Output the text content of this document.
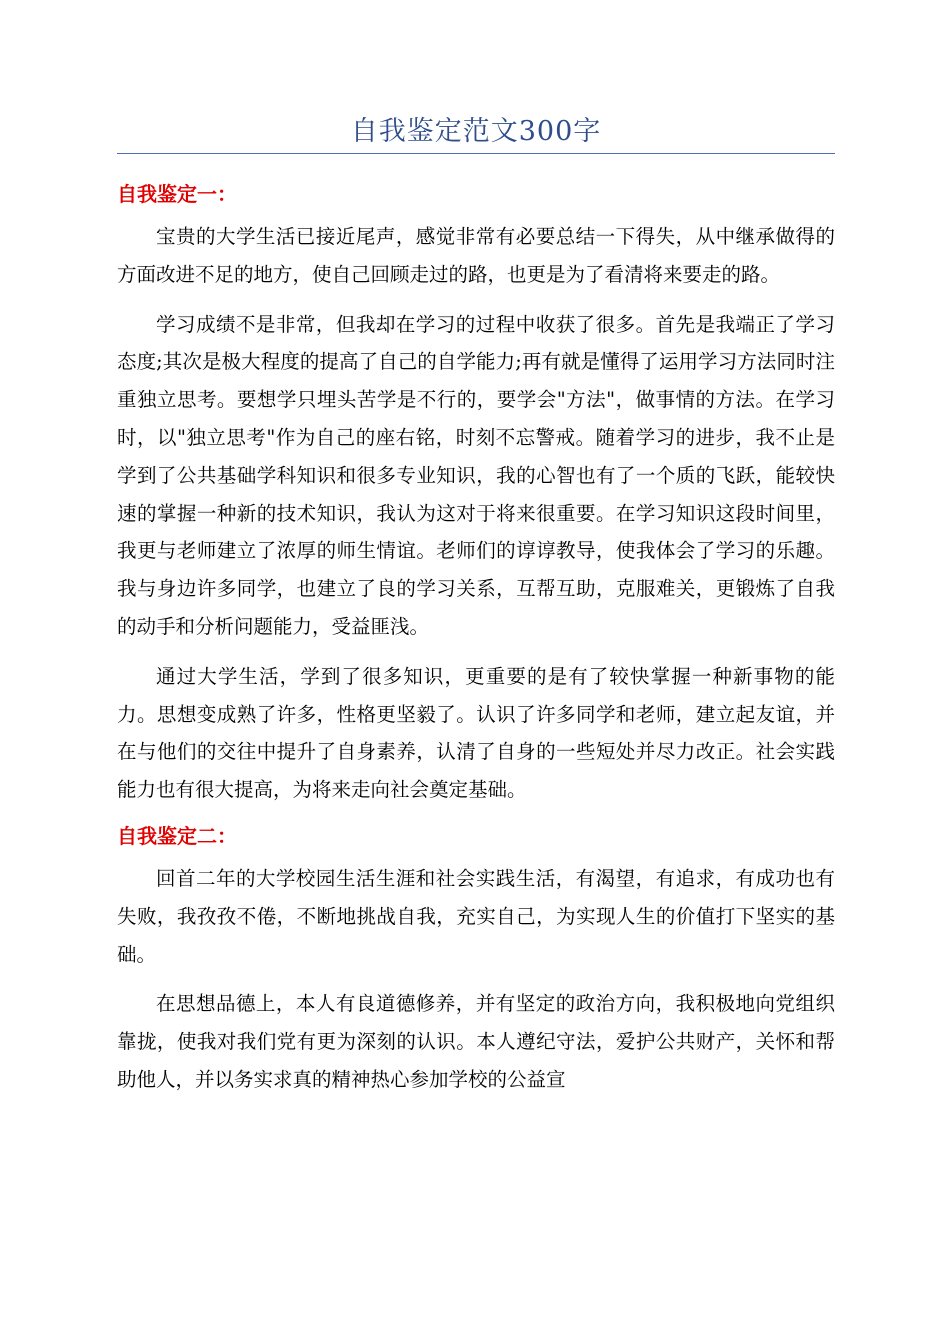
自我鉴定范文300字
自我鉴定一：

宝贵的大学生活已接近尾声，感觉非常有必要总结一下得失，从中继承做得的方面改进不足的地方，使自己回顾走过的路，也更是为了看清将来要走的路。

学习成绩不是非常，但我却在学习的过程中收获了很多。首先是我端正了学习态度;其次是极大程度的提高了自己的自学能力;再有就是懂得了运用学习方法同时注重独立思考。要想学只埋头苦学是不行的，要学会"方法"，做事情的方法。在学习时，以"独立思考"作为自己的座右铭，时刻不忘警戒。随着学习的进步，我不止是学到了公共基础学科知识和很多专业知识，我的心智也有了一个质的飞跃，能较快速的掌握一种新的技术知识，我认为这对于将来很重要。在学习知识这段时间里，我更与老师建立了浓厚的师生情谊。老师们的谆谆教导，使我体会了学习的乐趣。我与身边许多同学，也建立了良的学习关系，互帮互助，克服难关，更锻炼了自我的动手和分析问题能力，受益匪浅。

通过大学生活，学到了很多知识，更重要的是有了较快掌握一种新事物的能力。思想变成熟了许多，性格更坚毅了。认识了许多同学和老师，建立起友谊，并在与他们的交往中提升了自身素养，认清了自身的一些短处并尽力改正。社会实践能力也有很大提高，为将来走向社会奠定基础。

自我鉴定二：

回首二年的大学校园生活生涯和社会实践生活，有渴望，有追求，有成功也有失败，我孜孜不倦，不断地挑战自我，充实自己，为实现人生的价值打下坚实的基础。

在思想品德上，本人有良道德修养，并有坚定的政治方向，我积极地向党组织靠拢，使我对我们党有更为深刻的认识。本人遵纪守法，爱护公共财产，关怀和帮助他人，并以务实求真的精神热心参加学校的公益宣
